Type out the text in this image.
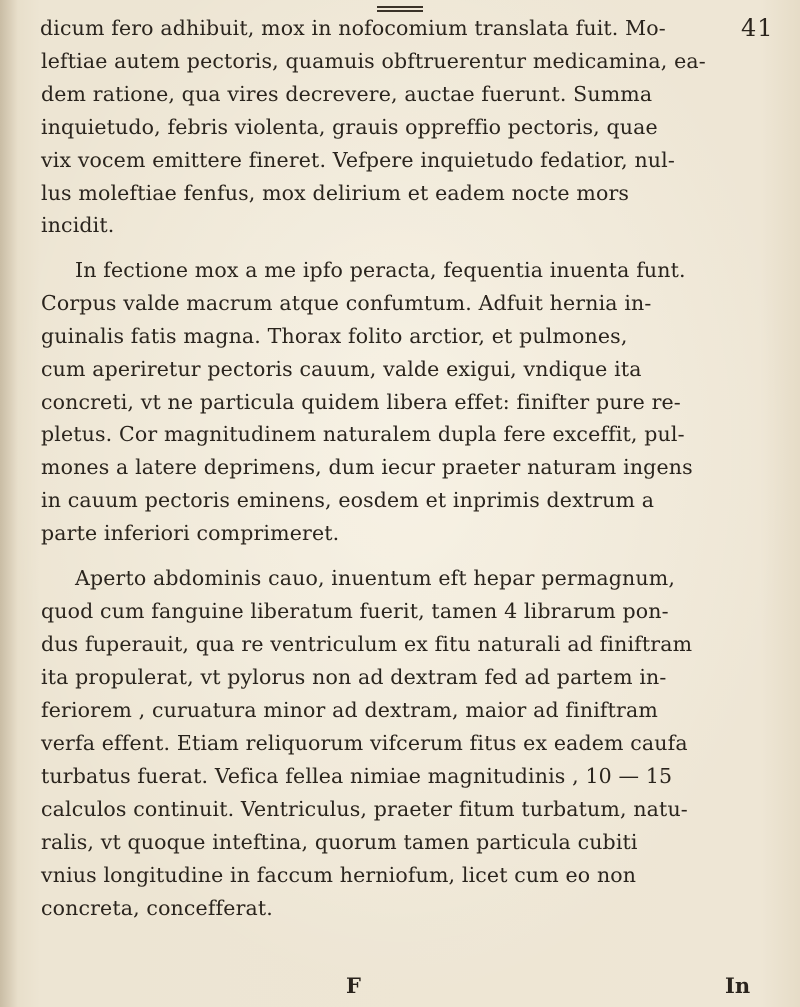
41
dicum fero adhibuit, mox in nofocomium translata fuit. Mo-
leftiae autem pectoris, quamuis obftruerentur medicamina, ea-
dem ratione, qua vires decrevere, auctae fuerunt. Summa
inquietudo, febris violenta, grauis oppreffio pectoris, quae
vix vocem emittere fineret. Vefpere inquietudo fedatior, nul-
lus moleftiae fenfus, mox delirium et eadem nocte mors
incidit.
In fectione mox a me ipfo peracta, fequentia inuenta funt.
Corpus valde macrum atque confumtum. Adfuit hernia in-
guinalis fatis magna. Thorax folito arctior, et pulmones,
cum aperiretur pectoris cauum, valde exigui, vndique ita
concreti, vt ne particula quidem libera effet: finifter pure re-
pletus. Cor magnitudinem naturalem dupla fere exceffit, pul-
mones a latere deprimens, dum iecur praeter naturam ingens
in cauum pectoris eminens, eosdem et inprimis dextrum a
parte inferiori comprimeret.
Aperto abdominis cauo, inuentum eft hepar permagnum,
quod cum fanguine liberatum fuerit, tamen 4 librarum pon-
dus fuperauit, qua re ventriculum ex fitu naturali ad finiftram
ita propulerat, vt pylorus non ad dextram fed ad partem in-
feriorem , curuatura minor ad dextram, maior ad finiftram
verfa effent. Etiam reliquorum vifcerum fitus ex eadem caufa
turbatus fuerat. Vefica fellea nimiae magnitudinis , 10 — 15
calculos continuit. Ventriculus, praeter fitum turbatum, natu-
ralis, vt quoque inteftina, quorum tamen particula cubiti
vnius longitudine in faccum herniofum, licet cum eo non
concreta, concefferat.
F	In
